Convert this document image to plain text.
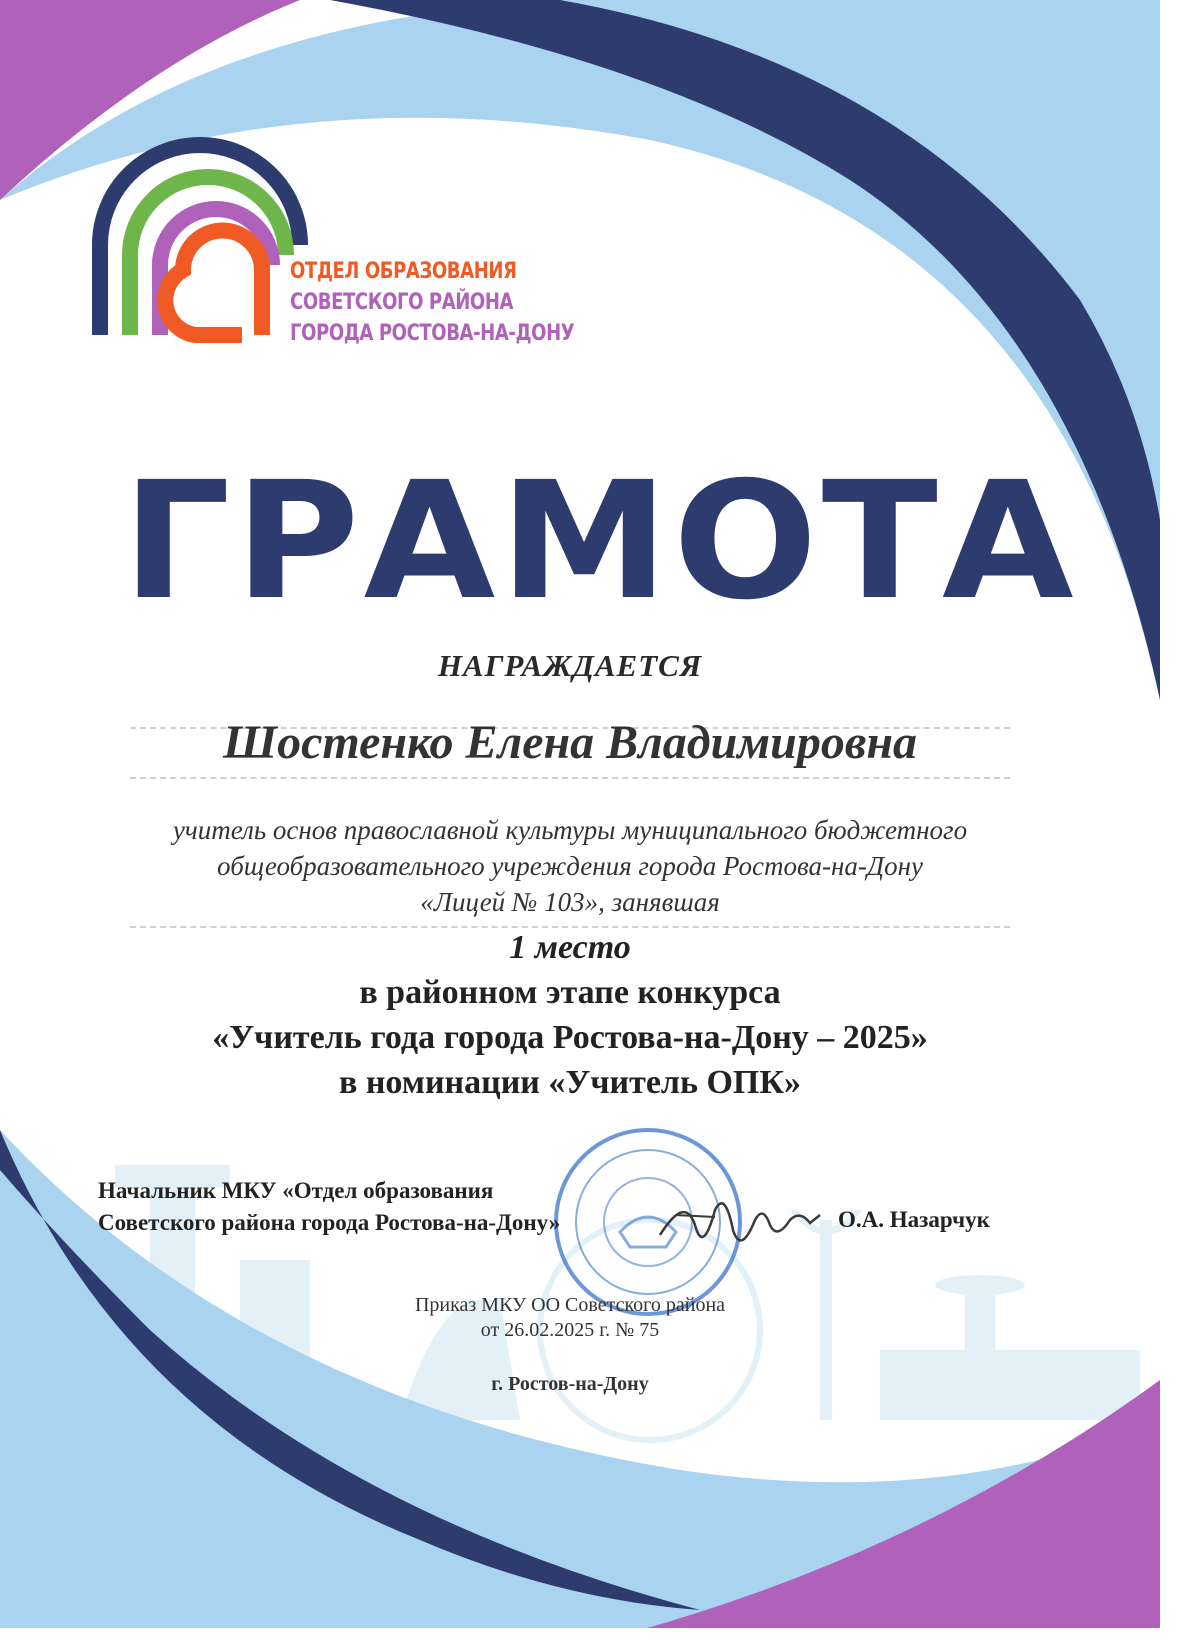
ОТДЕЛ ОБРАЗОВАНИЯ
СОВЕТСКОГО РАЙОНА
ГОРОДА РОСТОВА-НА-ДОНУ
ГРАМОТА
НАГРАЖДАЕТСЯ
Шостенко Елена Владимировна
учитель основ православной культуры муниципального бюджетного
общеобразовательного учреждения города Ростова-на-Дону
«Лицей № 103», занявшая
1 место
в районном этапе конкурса
«Учитель года города Ростова-на-Дону – 2025»
в номинации «Учитель ОПК»
Начальник МКУ «Отдел образования
Советского района города Ростова-на-Дону»	О.А. Назарчук
Приказ МКУ ОО Советского района
от 26.02.2025 г. № 75
г. Ростов-на-Дону
